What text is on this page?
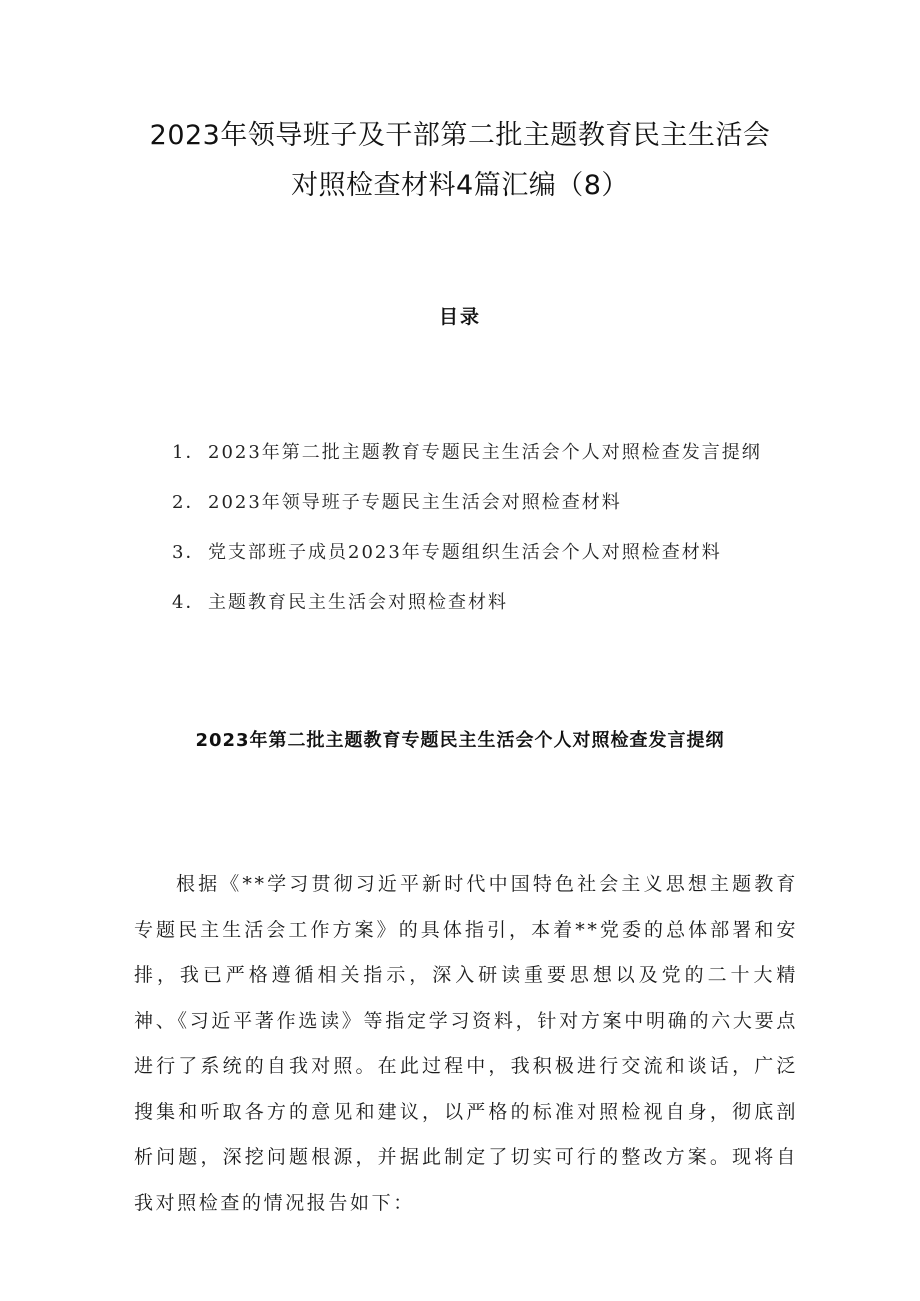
2023年领导班子及干部第二批主题教育民主生活会
对照检查材料4篇汇编（8）
目录
1． 2023年第二批主题教育专题民主生活会个人对照检查发言提纲
2． 2023年领导班子专题民主生活会对照检查材料
3． 党支部班子成员2023年专题组织生活会个人对照检查材料
4． 主题教育民主生活会对照检查材料
2023年第二批主题教育专题民主生活会个人对照检查发言提纲

根据《**学习贯彻习近平新时代中国特色社会主义思想主题教育专题民主生活会工作方案》的具体指引，本着**党委的总体部署和安排，我已严格遵循相关指示，深入研读重要思想以及党的二十大精神、《习近平著作选读》等指定学习资料，针对方案中明确的六大要点进行了系统的自我对照。在此过程中，我积极进行交流和谈话，广泛搜集和听取各方的意见和建议，以严格的标准对照检视自身，彻底剖析问题，深挖问题根源，并据此制定了切实可行的整改方案。现将自我对照检查的情况报告如下：
